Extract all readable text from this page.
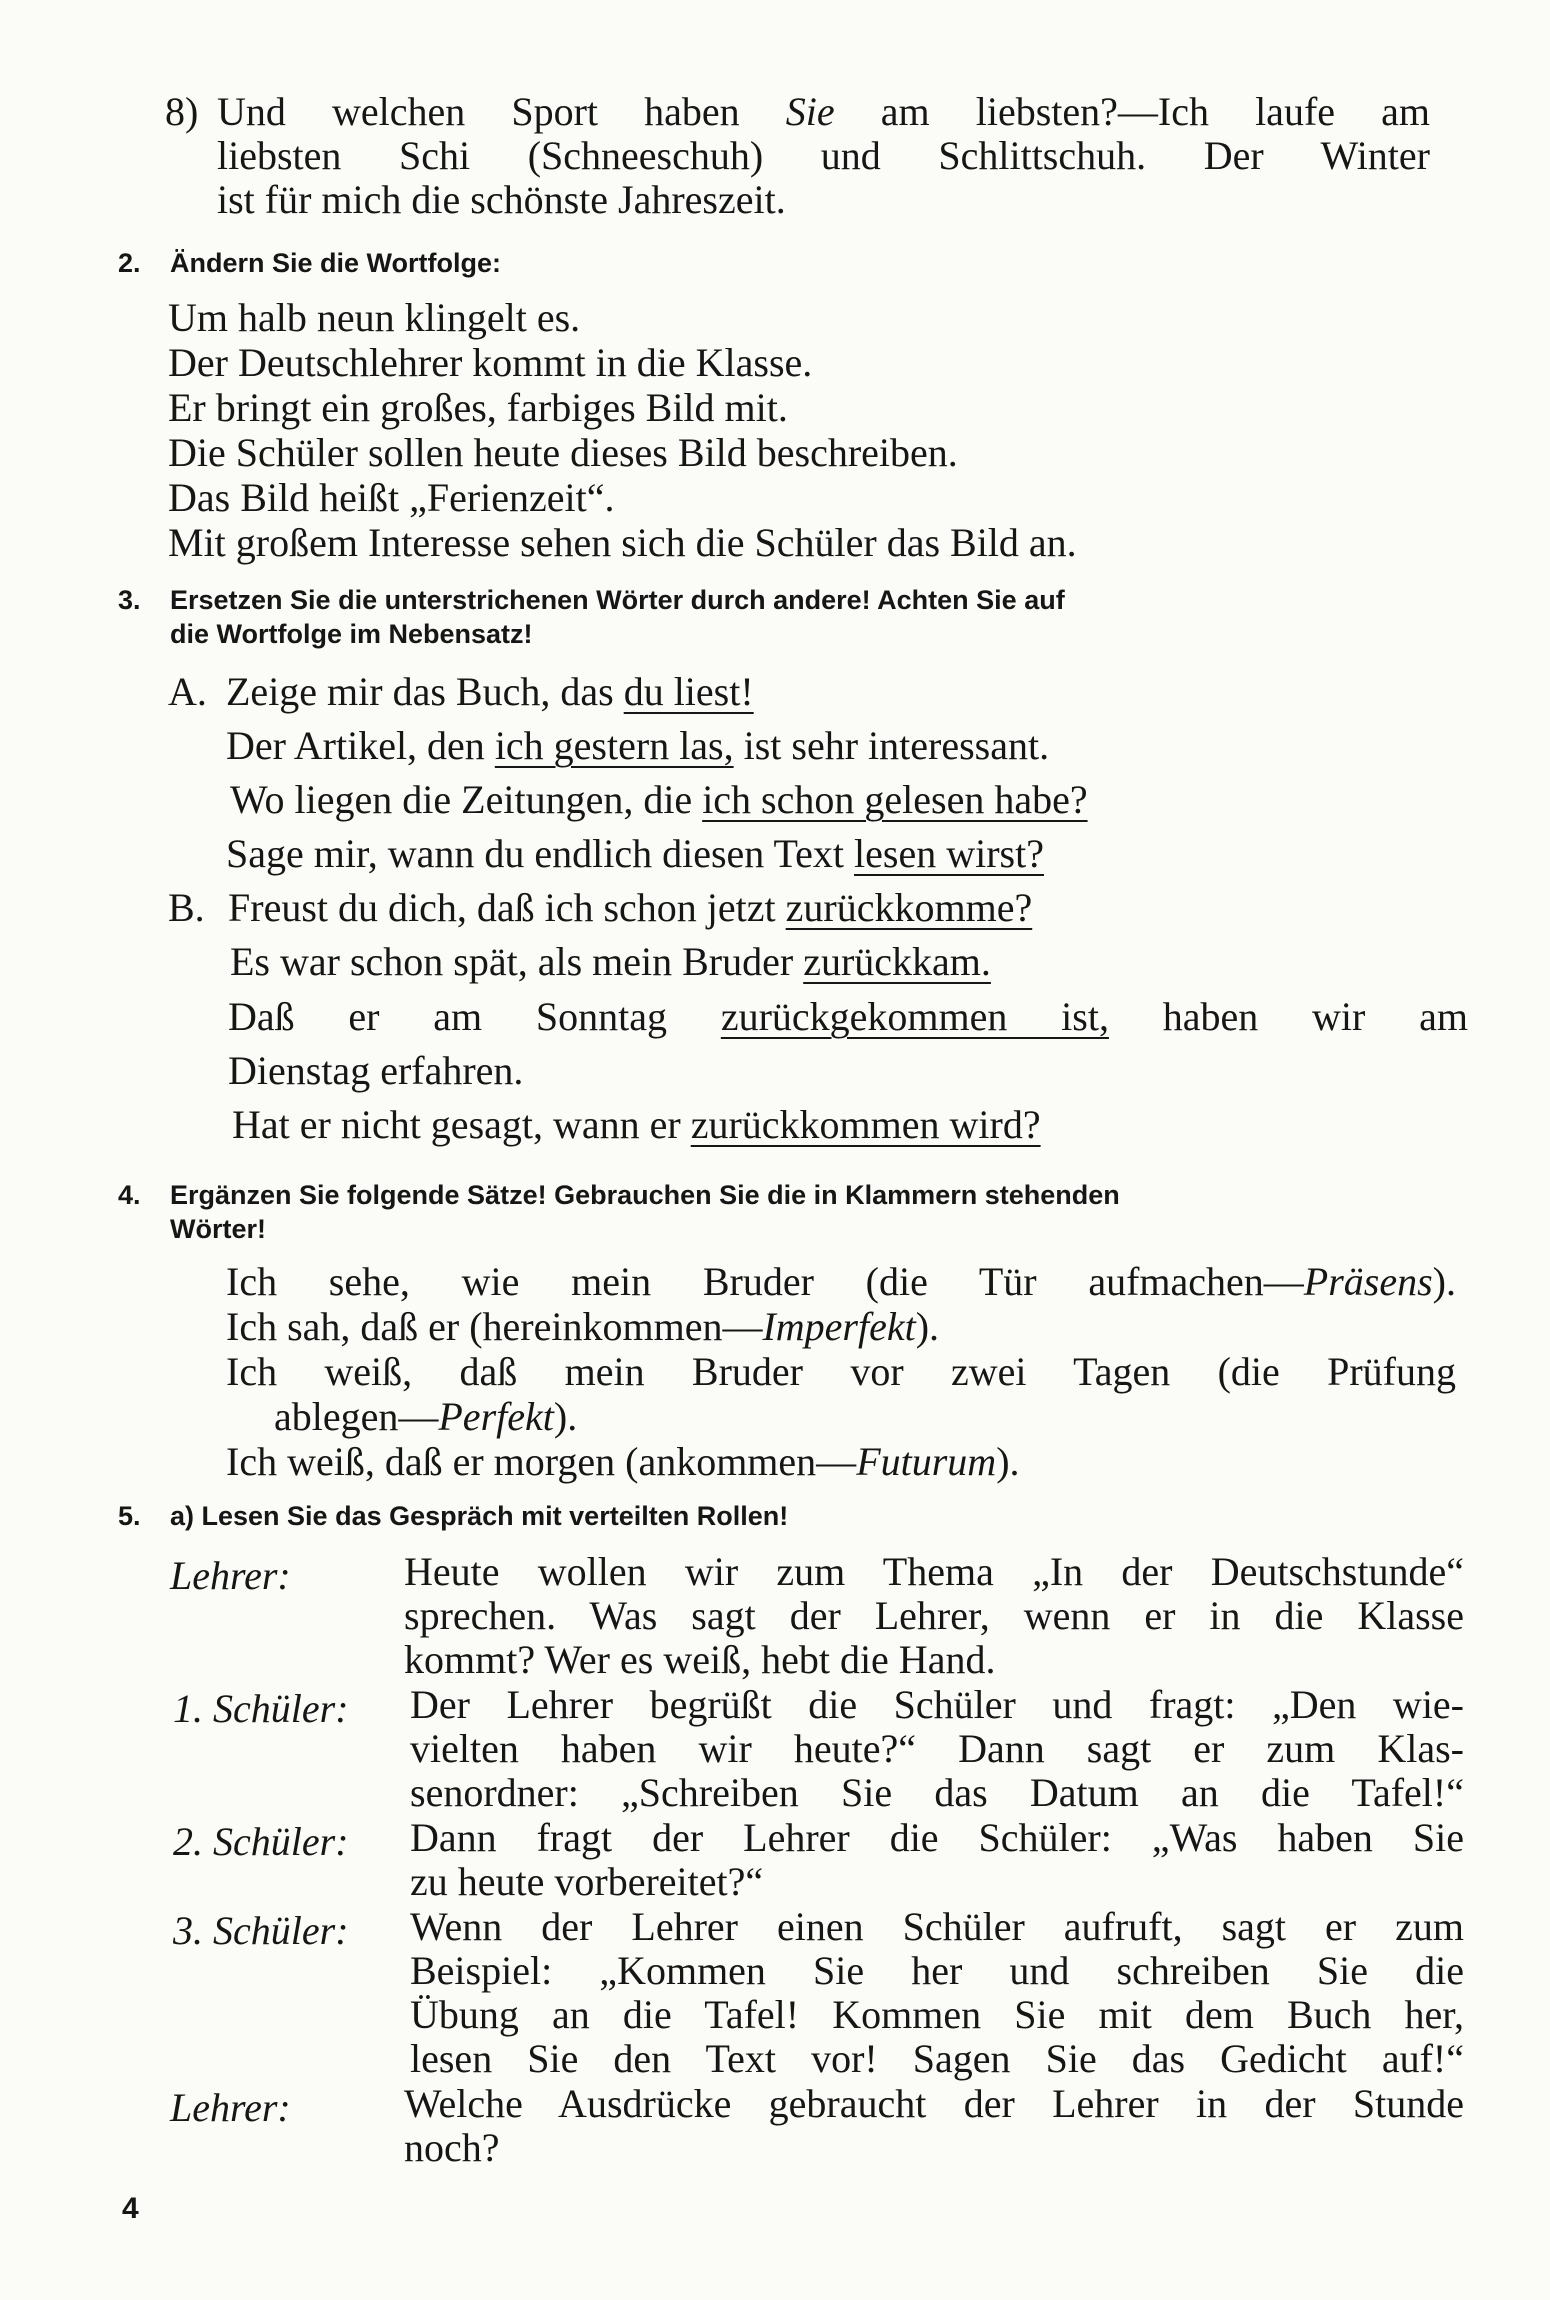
8) Und welchen Sport haben Sie am liebsten?—Ich laufe am
liebsten Schi (Schneeschuh) und Schlittschuh. Der Winter
ist für mich die schönste Jahreszeit.
2. Ändern Sie die Wortfolge:
Um halb neun klingelt es.
Der Deutschlehrer kommt in die Klasse.
Er bringt ein großes, farbiges Bild mit.
Die Schüler sollen heute dieses Bild beschreiben.
Das Bild heißt „Ferienzeit“.
Mit großem Interesse sehen sich die Schüler das Bild an.
3. Ersetzen Sie die unterstrichenen Wörter durch andere! Achten Sie auf
die Wortfolge im Nebensatz!
A. Zeige mir das Buch, das du liest!
Der Artikel, den ich gestern las, ist sehr interessant.
Wo liegen die Zeitungen, die ich schon gelesen habe?
Sage mir, wann du endlich diesen Text lesen wirst?
B. Freust du dich, daß ich schon jetzt zurückkomme?
Es war schon spät, als mein Bruder zurückkam.
Daß er am Sonntag zurückgekommen ist, haben wir am
Dienstag erfahren.
Hat er nicht gesagt, wann er zurückkommen wird?
4. Ergänzen Sie folgende Sätze! Gebrauchen Sie die in Klammern stehenden
Wörter!
Ich sehe, wie mein Bruder (die Tür aufmachen—Präsens).
Ich sah, daß er (hereinkommen—Imperfekt).
Ich weiß, daß mein Bruder vor zwei Tagen (die Prüfung
ablegen—Perfekt).
Ich weiß, daß er morgen (ankommen—Futurum).
5. a) Lesen Sie das Gespräch mit verteilten Rollen!
Lehrer:	Heute wollen wir zum Thema „In der Deutschstunde“
sprechen. Was sagt der Lehrer, wenn er in die Klasse
kommt? Wer es weiß, hebt die Hand.
1. Schüler: Der Lehrer begrüßt die Schüler und fragt: „Den wie-
vielten haben wir heute?“ Dann sagt er zum Klas-
senordner: „Schreiben Sie das Datum an die Tafel!“
2. Schüler: Dann fragt der Lehrer die Schüler: „Was haben Sie
zu heute vorbereitet?“
3. Schüler: Wenn der Lehrer einen Schüler aufruft, sagt er zum
Beispiel: „Kommen Sie her und schreiben Sie die
Übung an die Tafel! Kommen Sie mit dem Buch her,
lesen Sie den Text vor! Sagen Sie das Gedicht auf!“
Lehrer:	Welche Ausdrücke gebraucht der Lehrer in der Stunde
noch?
4
